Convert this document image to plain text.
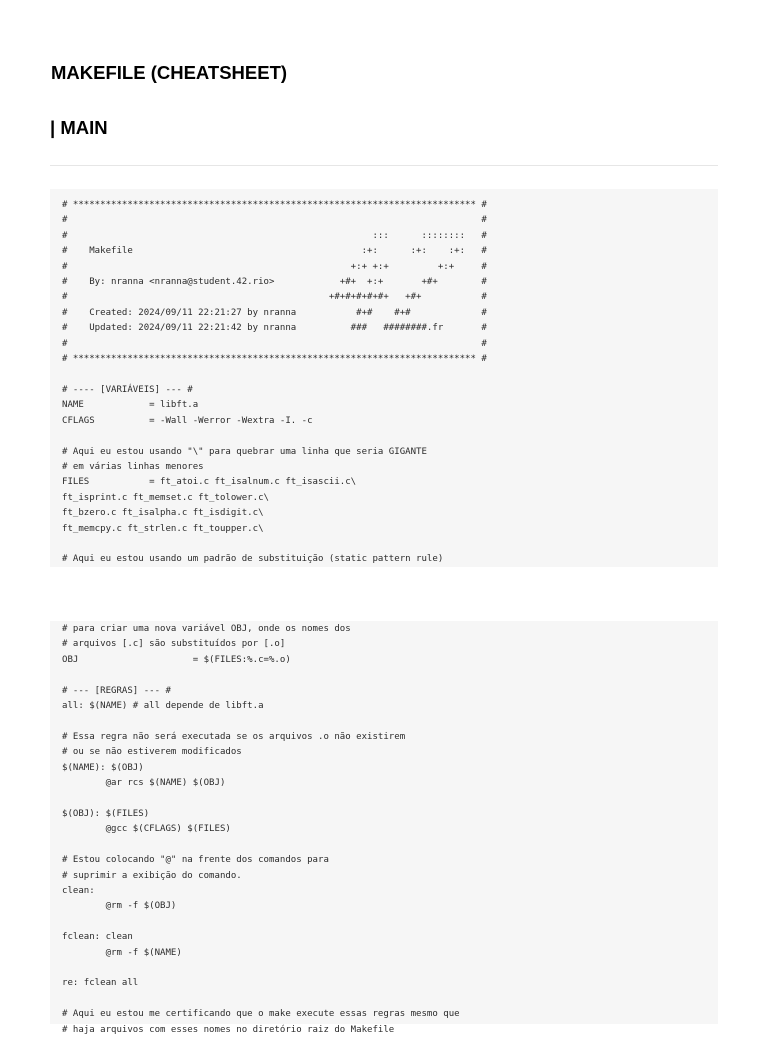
MAKEFILE (CHEATSHEET)
| MAIN
# ************************************************************************** #
#                                                                            #
#                                                        :::      ::::::::   #
#    Makefile                                          :+:      :+:    :+:   #
#                                                    +:+ +:+         +:+     #
#    By: nranna <nranna@student.42.rio>            +#+  +:+       +#+        #
#                                                +#+#+#+#+#+   +#+           #
#    Created: 2024/09/11 22:21:27 by nranna           #+#    #+#             #
#    Updated: 2024/09/11 22:21:42 by nranna          ###   ########.fr       #
#                                                                            #
# ************************************************************************** #

# ---- [VARIÁVEIS] --- #
NAME            = libft.a
CFLAGS          = -Wall -Werror -Wextra -I. -c

# Aqui eu estou usando "\" para quebrar uma linha que seria GIGANTE
# em várias linhas menores
FILES           = ft_atoi.c ft_isalnum.c ft_isascii.c\
ft_isprint.c ft_memset.c ft_tolower.c\
ft_bzero.c ft_isalpha.c ft_isdigit.c\
ft_memcpy.c ft_strlen.c ft_toupper.c\

# Aqui eu estou usando um padrão de substituição (static pattern rule)
# para criar uma nova variável OBJ, onde os nomes dos
# arquivos [.c] são substituídos por [.o]
OBJ                     = $(FILES:%.c=%.o)

# --- [REGRAS] --- #
all: $(NAME) # all depende de libft.a

# Essa regra não será executada se os arquivos .o não existirem
# ou se não estiverem modificados
$(NAME): $(OBJ)
@ar rcs $(NAME) $(OBJ)

$(OBJ): $(FILES)
@gcc $(CFLAGS) $(FILES)

# Estou colocando "@" na frente dos comandos para
# suprimir a exibição do comando.
clean:
@rm -f $(OBJ)

fclean: clean
@rm -f $(NAME)

re: fclean all

# Aqui eu estou me certificando que o make execute essas regras mesmo que
# haja arquivos com esses nomes no diretório raiz do Makefile
